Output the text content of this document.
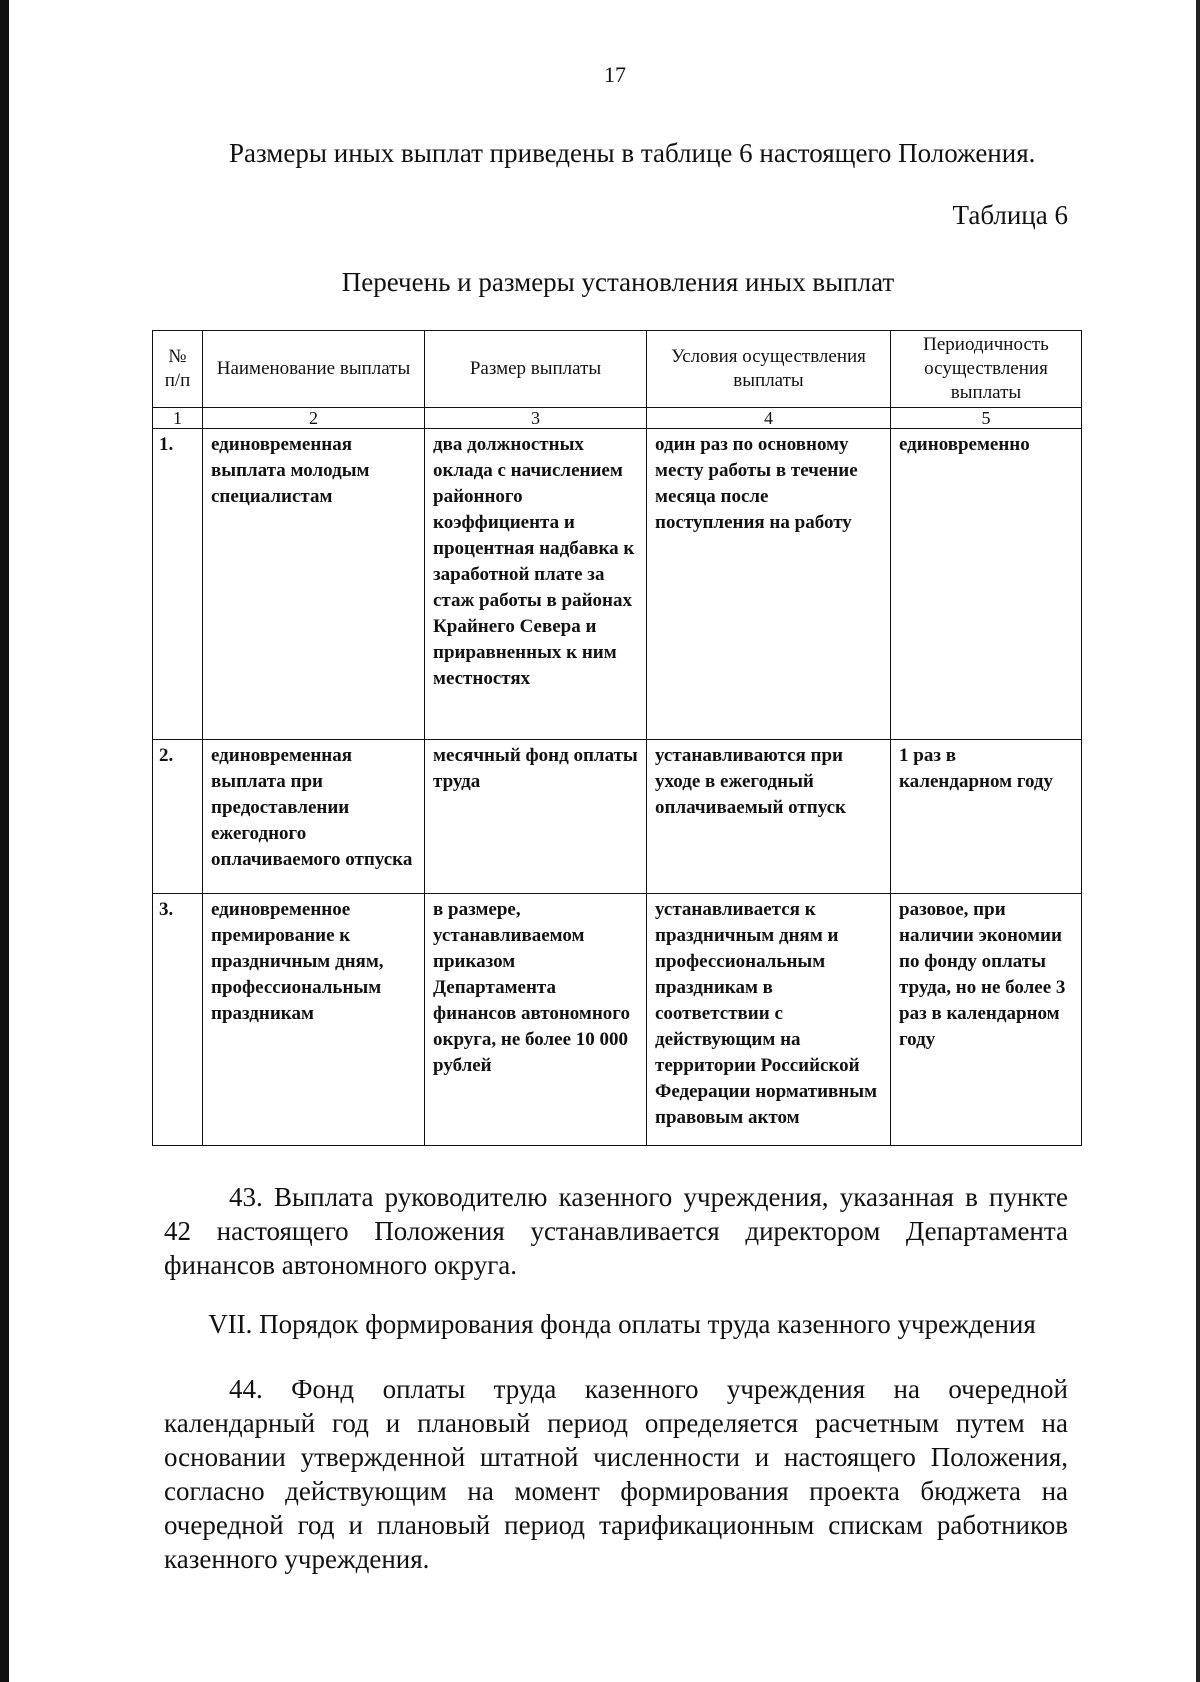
17

Размеры иных выплат приведены в таблице 6 настоящего Положения.

Таблица 6
Перечень и размеры установления иных выплат
№ п/п	Наименование выплаты	Размер выплаты	Условия осуществления выплаты	Периодичность осуществления выплаты
1	2	3	4	5
1.	единовременная выплата молодым специалистам	два должностных оклада с начислением районного коэффициента и процентная надбавка к заработной плате за стаж работы в районах Крайнего Севера и приравненных к ним местностях	один раз по основному месту работы в течение месяца после поступления на работу	единовременно
2.	единовременная выплата при предоставлении ежегодного оплачиваемого отпуска	месячный фонд оплаты труда	устанавливаются при уходе в ежегодный оплачиваемый отпуск	1 раз в календарном году
3.	единовременное премирование к праздничным дням, профессиональным праздникам	в размере, устанавливаемом приказом Департамента финансов автономного округа, не более 10 000 рублей	устанавливается к праздничным дням и профессиональным праздникам в соответствии с действующим на территории Российской Федерации нормативным правовым актом	разовое, при наличии экономии по фонду оплаты труда, но не более 3 раз в календарном году

43. Выплата руководителю казенного учреждения, указанная в пункте 42 настоящего Положения устанавливается директором Департамента финансов автономного округа.

VII. Порядок формирования фонда оплаты труда казенного учреждения

44. Фонд оплаты труда казенного учреждения на очередной календарный год и плановый период определяется расчетным путем на основании утвержденной штатной численности и настоящего Положения, согласно действующим на момент формирования проекта бюджета на очередной год и плановый период тарификационным спискам работников казенного учреждения.
